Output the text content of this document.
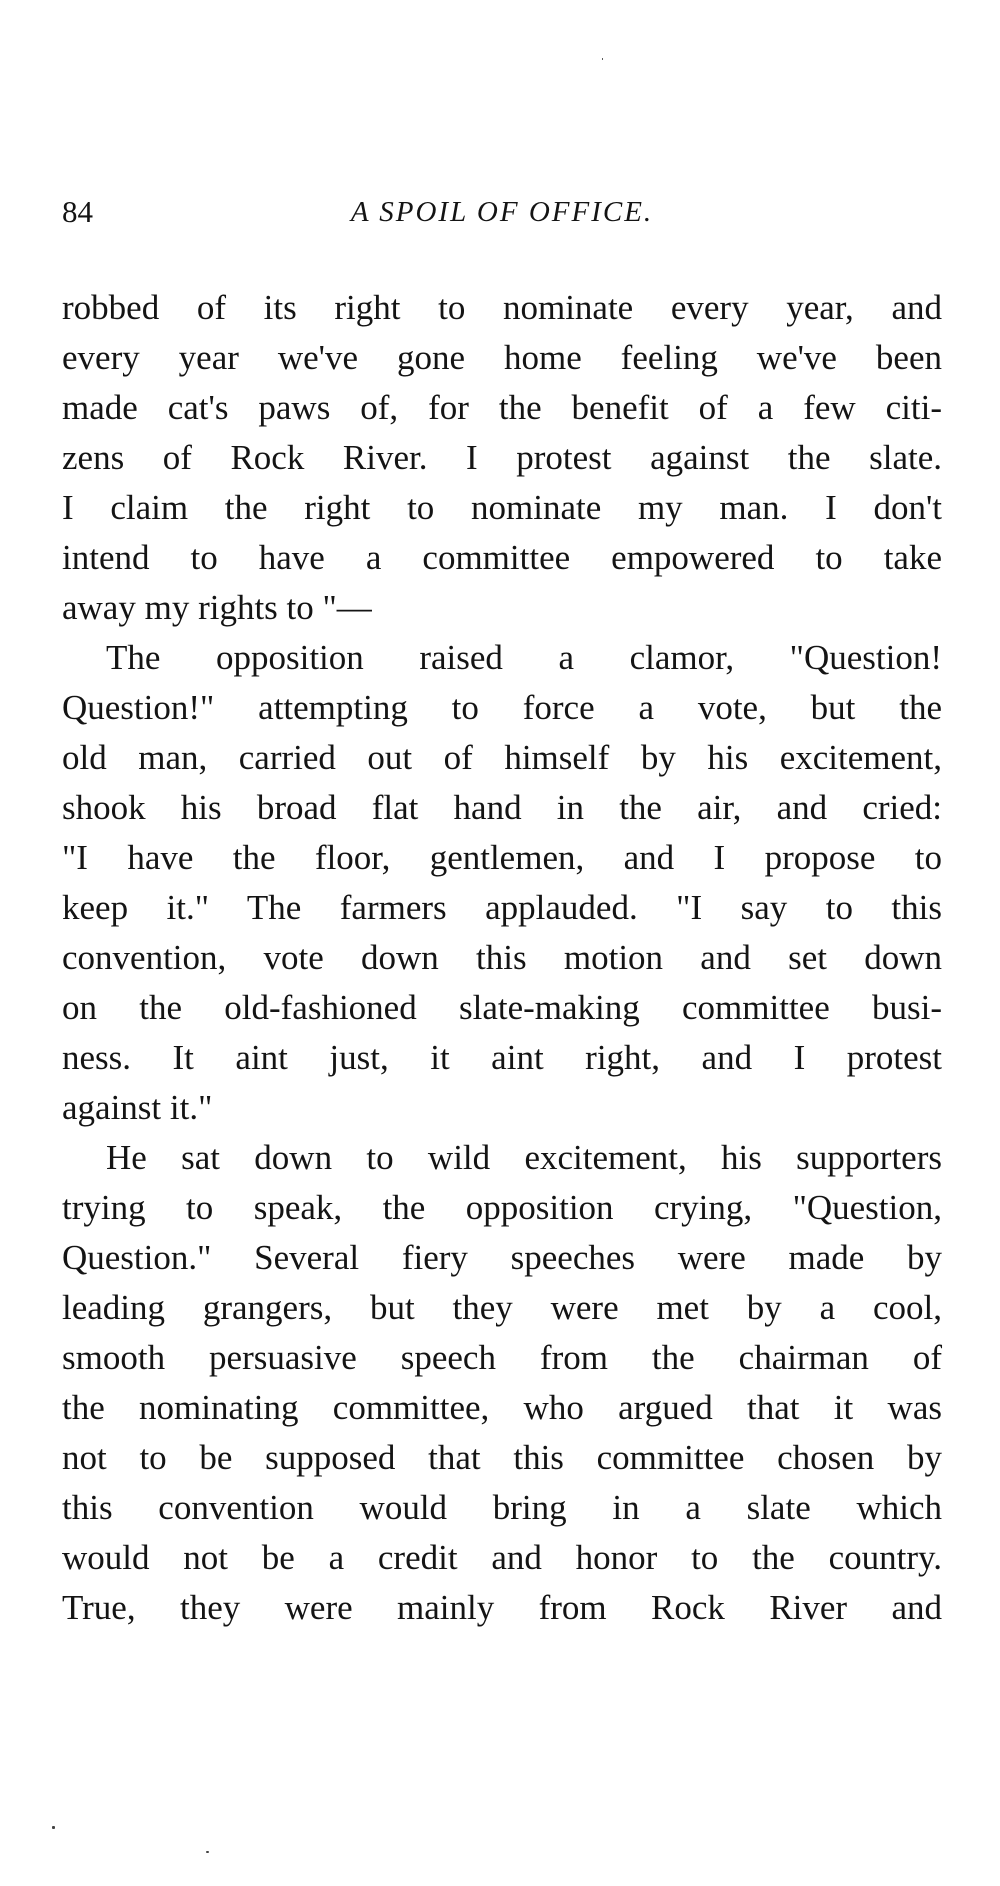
84	A SPOIL OF OFFICE.
robbed of its right to nominate every year, and
every year we've gone home feeling we've been
made cat's paws of, for the benefit of a few citi-
zens of Rock River. I protest against the slate.
I claim the right to nominate my man. I don't
intend to have a committee empowered to take
away my rights to "—
The opposition raised a clamor, "Question!
Question!" attempting to force a vote, but the
old man, carried out of himself by his excitement,
shook his broad flat hand in the air, and cried:
"I have the floor, gentlemen, and I propose to
keep it." The farmers applauded. "I say to this
convention, vote down this motion and set down
on the old-fashioned slate-making committee busi-
ness. It aint just, it aint right, and I protest
against it."
He sat down to wild excitement, his supporters
trying to speak, the opposition crying, "Question,
Question." Several fiery speeches were made by
leading grangers, but they were met by a cool,
smooth persuasive speech from the chairman of
the nominating committee, who argued that it was
not to be supposed that this committee chosen by
this convention would bring in a slate which
would not be a credit and honor to the country.
True, they were mainly from Rock River and
